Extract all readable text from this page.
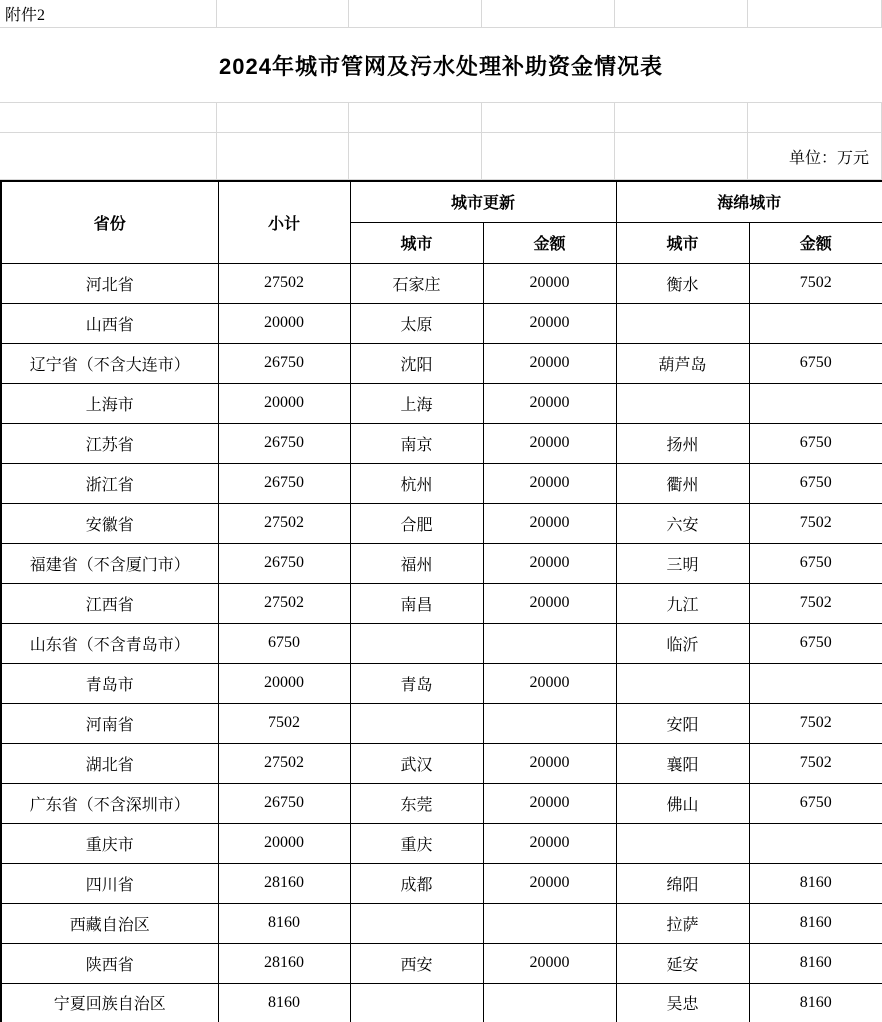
附件2
2024年城市管网及污水处理补助资金情况表
单位：万元
省份	小计	城市更新		海绵城市	
		城市	金额	城市	金额
河北省	27502	石家庄	20000	衡水	7502
山西省	20000	太原	20000		
辽宁省（不含大连市）	26750	沈阳	20000	葫芦岛	6750
上海市	20000	上海	20000		
江苏省	26750	南京	20000	扬州	6750
浙江省	26750	杭州	20000	衢州	6750
安徽省	27502	合肥	20000	六安	7502
福建省（不含厦门市）	26750	福州	20000	三明	6750
江西省	27502	南昌	20000	九江	7502
山东省（不含青岛市）	6750			临沂	6750
青岛市	20000	青岛	20000		
河南省	7502			安阳	7502
湖北省	27502	武汉	20000	襄阳	7502
广东省（不含深圳市）	26750	东莞	20000	佛山	6750
重庆市	20000	重庆	20000		
四川省	28160	成都	20000	绵阳	8160
西藏自治区	8160			拉萨	8160
陕西省	28160	西安	20000	延安	8160
宁夏回族自治区	8160			吴忠	8160
